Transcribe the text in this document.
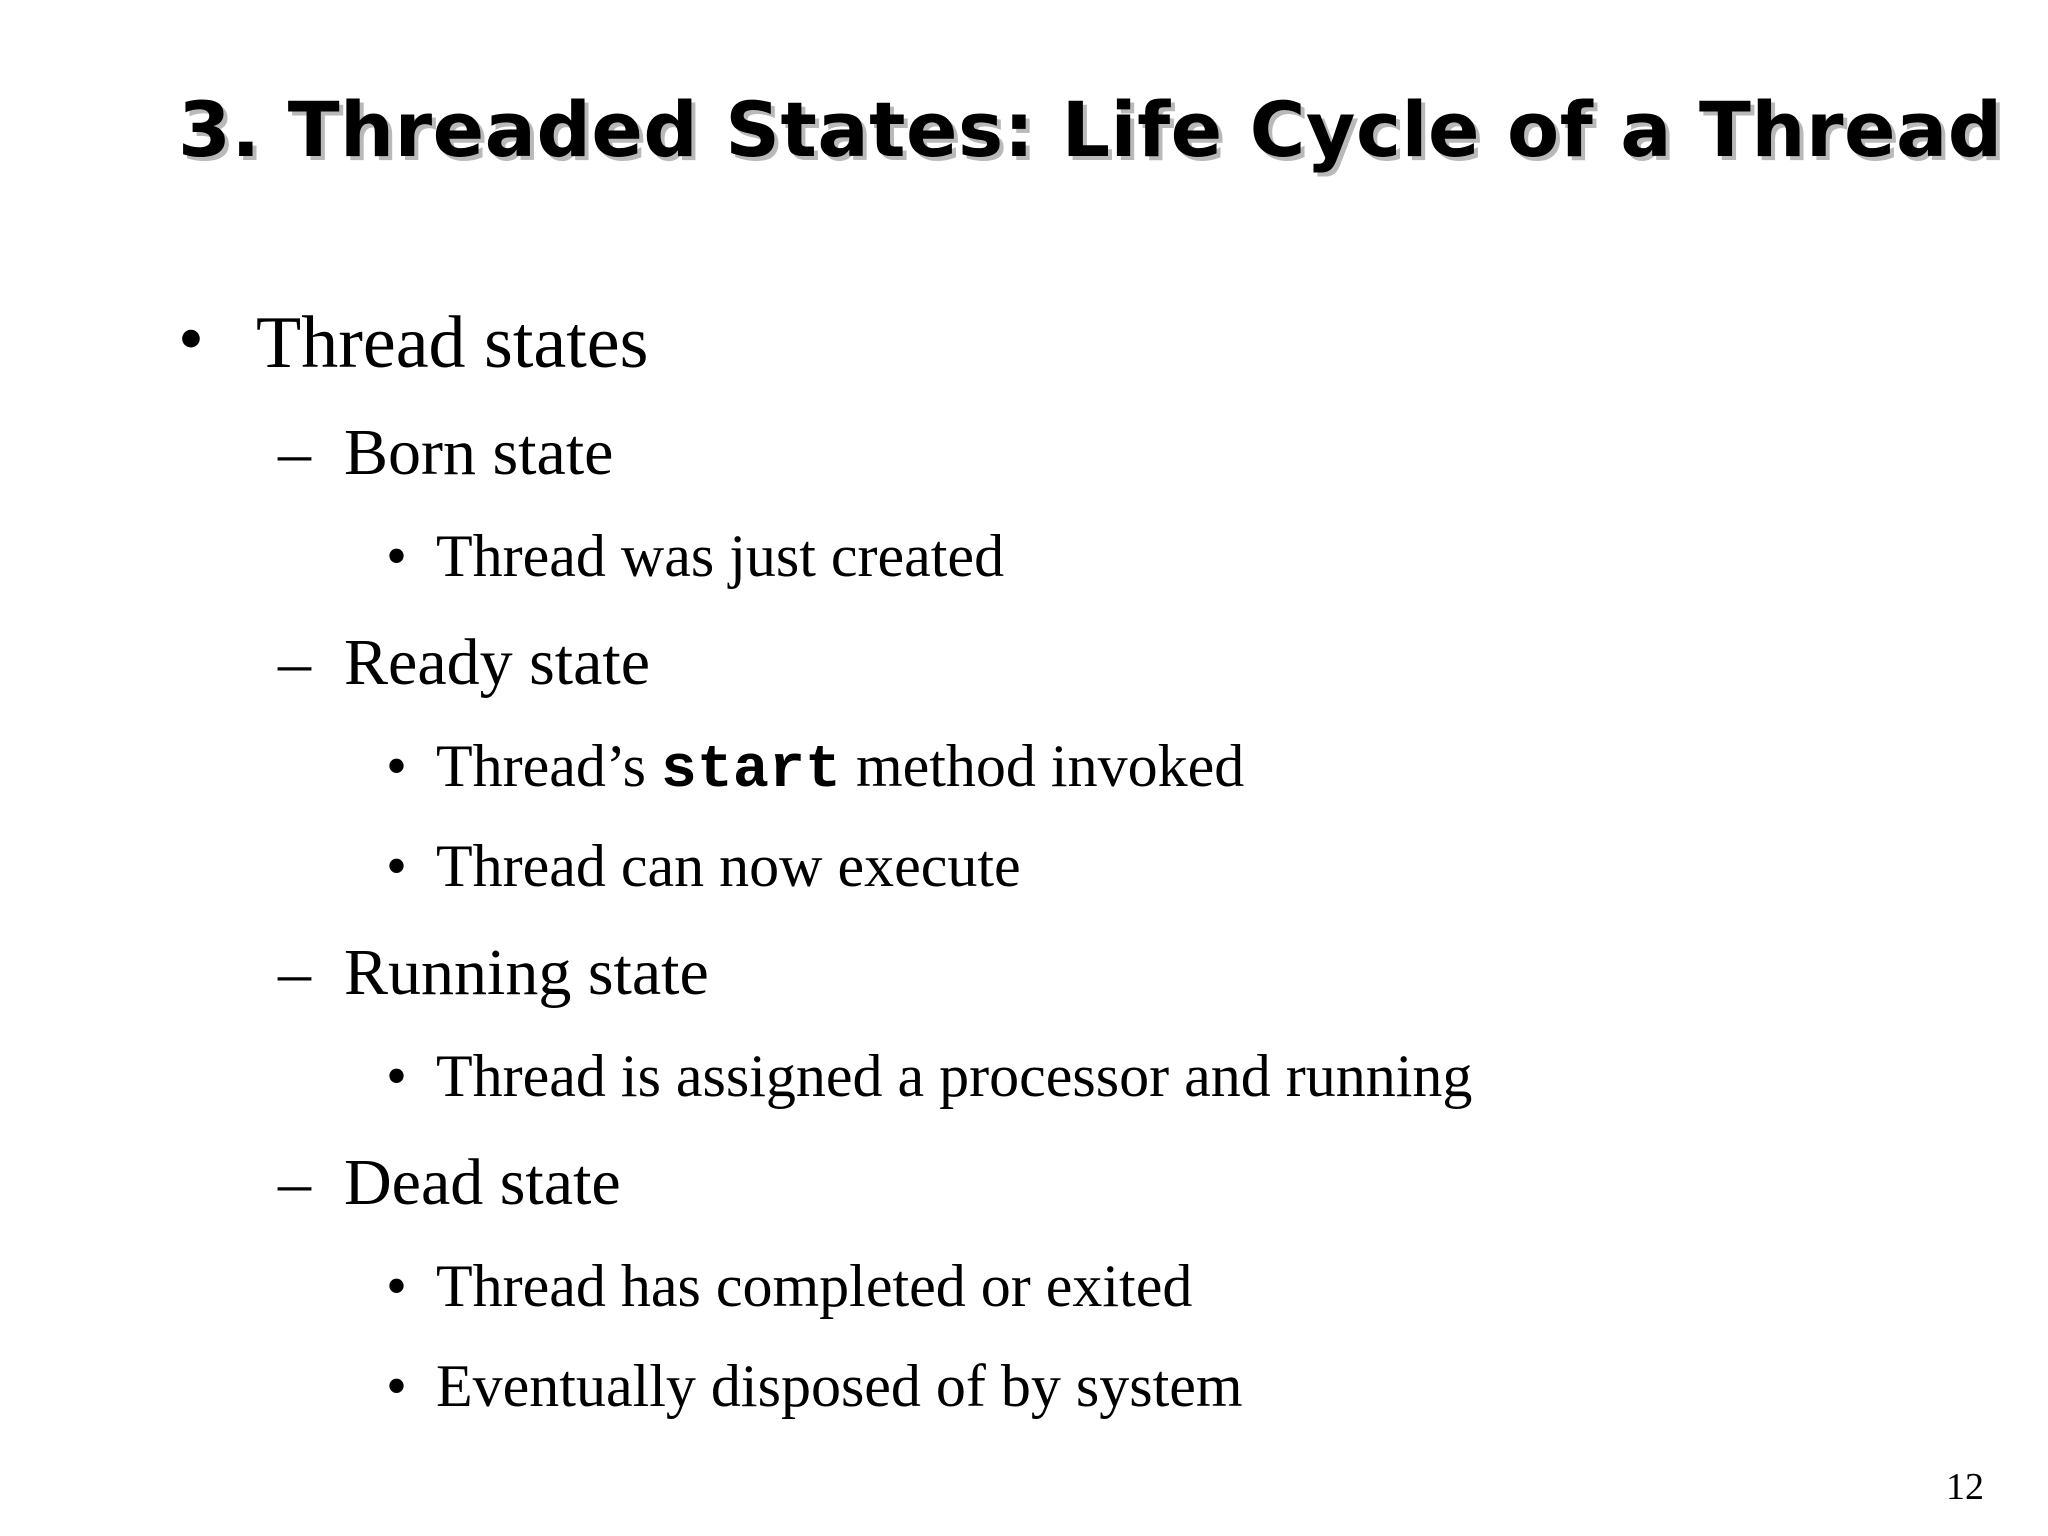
3. Threaded States: Life Cycle of a Thread
• Thread states
– Born state
• Thread was just created
– Ready state
• Thread’s start method invoked
• Thread can now execute
– Running state
• Thread is assigned a processor and running
– Dead state
• Thread has completed or exited
• Eventually disposed of by system
12
